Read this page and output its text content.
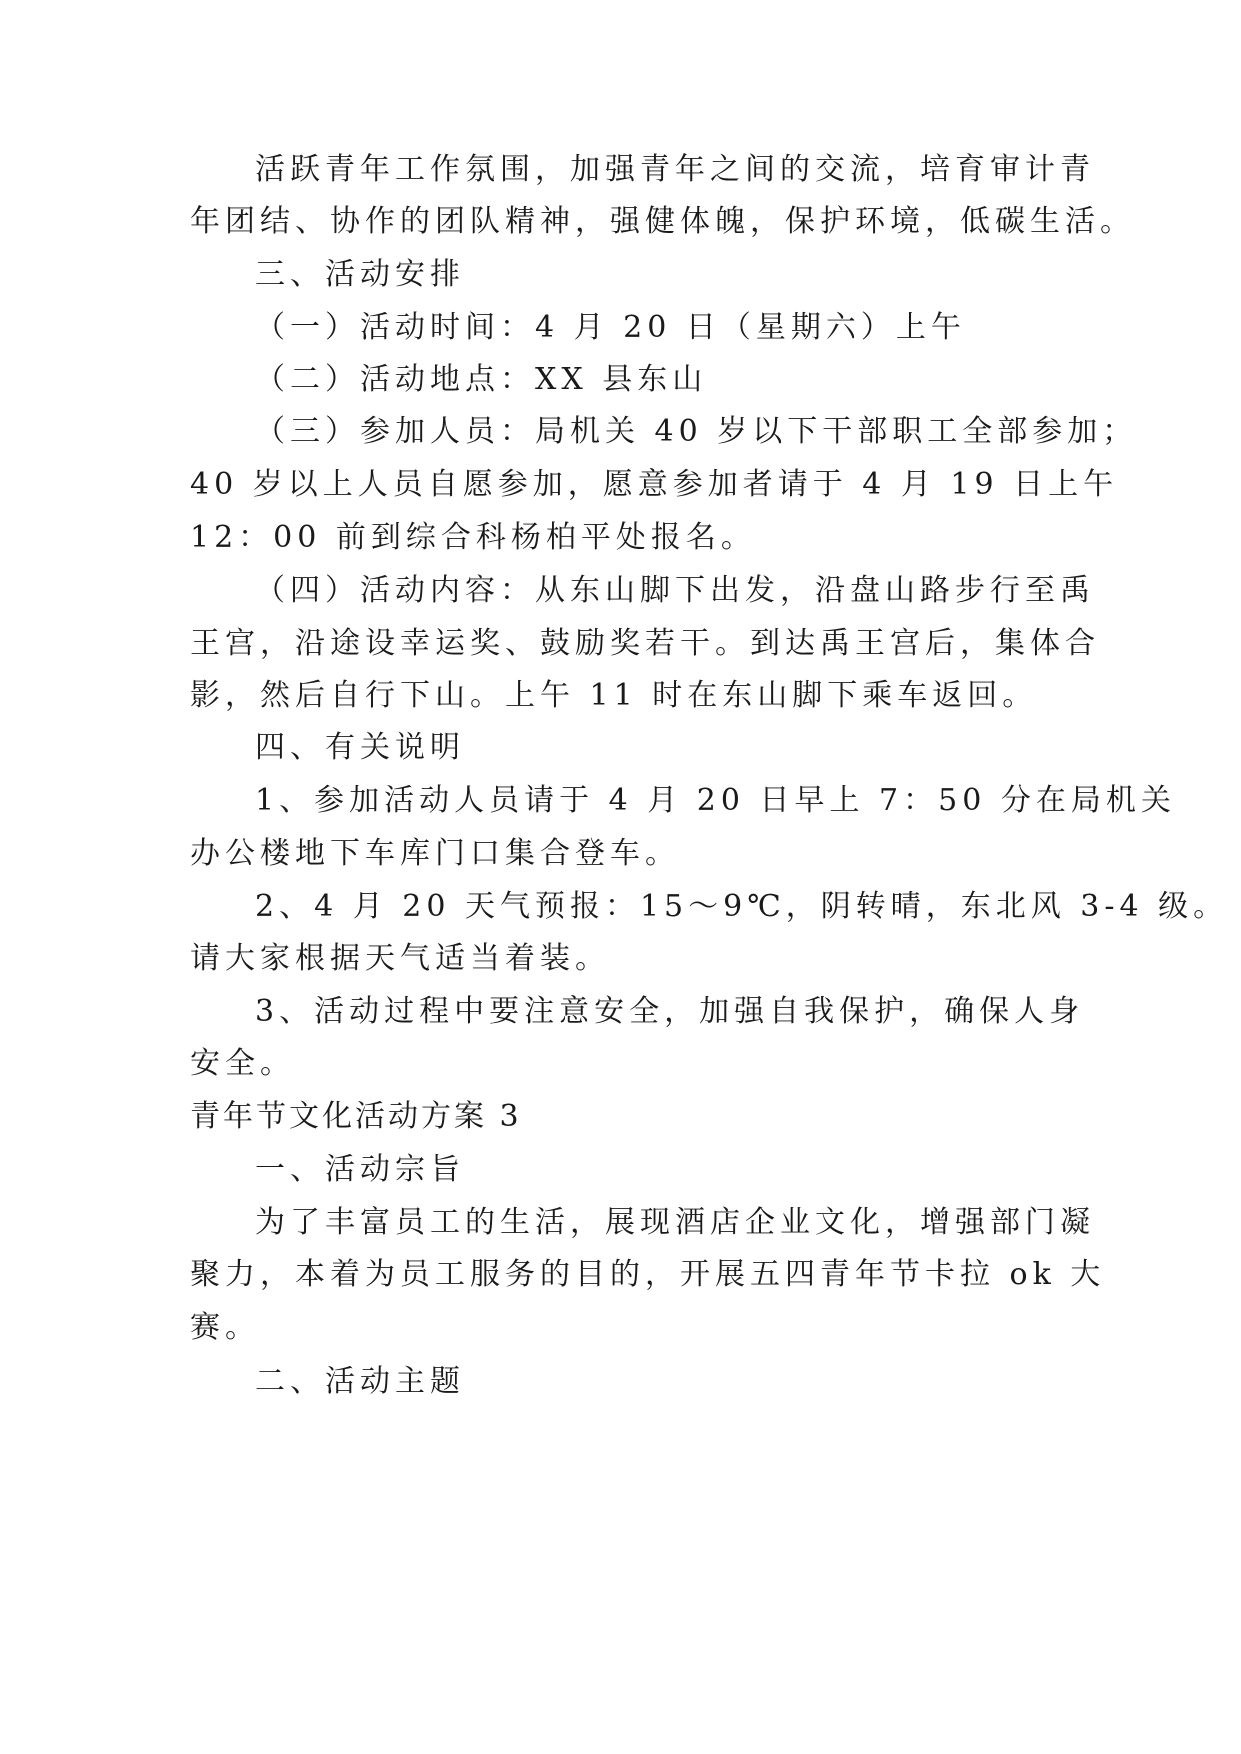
活跃青年工作氛围，加强青年之间的交流，培育审计青
年团结、协作的团队精神，强健体魄，保护环境，低碳生活。
三、活动安排
（一）活动时间：4 月 20 日（星期六）上午
（二）活动地点：XX 县东山
（三）参加人员：局机关 40 岁以下干部职工全部参加；
40 岁以上人员自愿参加，愿意参加者请于 4 月 19 日上午
12：00 前到综合科杨柏平处报名。
（四）活动内容：从东山脚下出发，沿盘山路步行至禹
王宫，沿途设幸运奖、鼓励奖若干。到达禹王宫后，集体合
影，然后自行下山。上午 11 时在东山脚下乘车返回。
四、有关说明
1、参加活动人员请于 4 月 20 日早上 7：50 分在局机关
办公楼地下车库门口集合登车。
2、4 月 20 天气预报：15～9℃，阴转晴，东北风 3-4 级。
请大家根据天气适当着装。
3、活动过程中要注意安全，加强自我保护，确保人身
安全。
青年节文化活动方案 3
一、活动宗旨
为了丰富员工的生活，展现酒店企业文化，增强部门凝
聚力，本着为员工服务的目的，开展五四青年节卡拉 ok 大
赛。
二、活动主题
